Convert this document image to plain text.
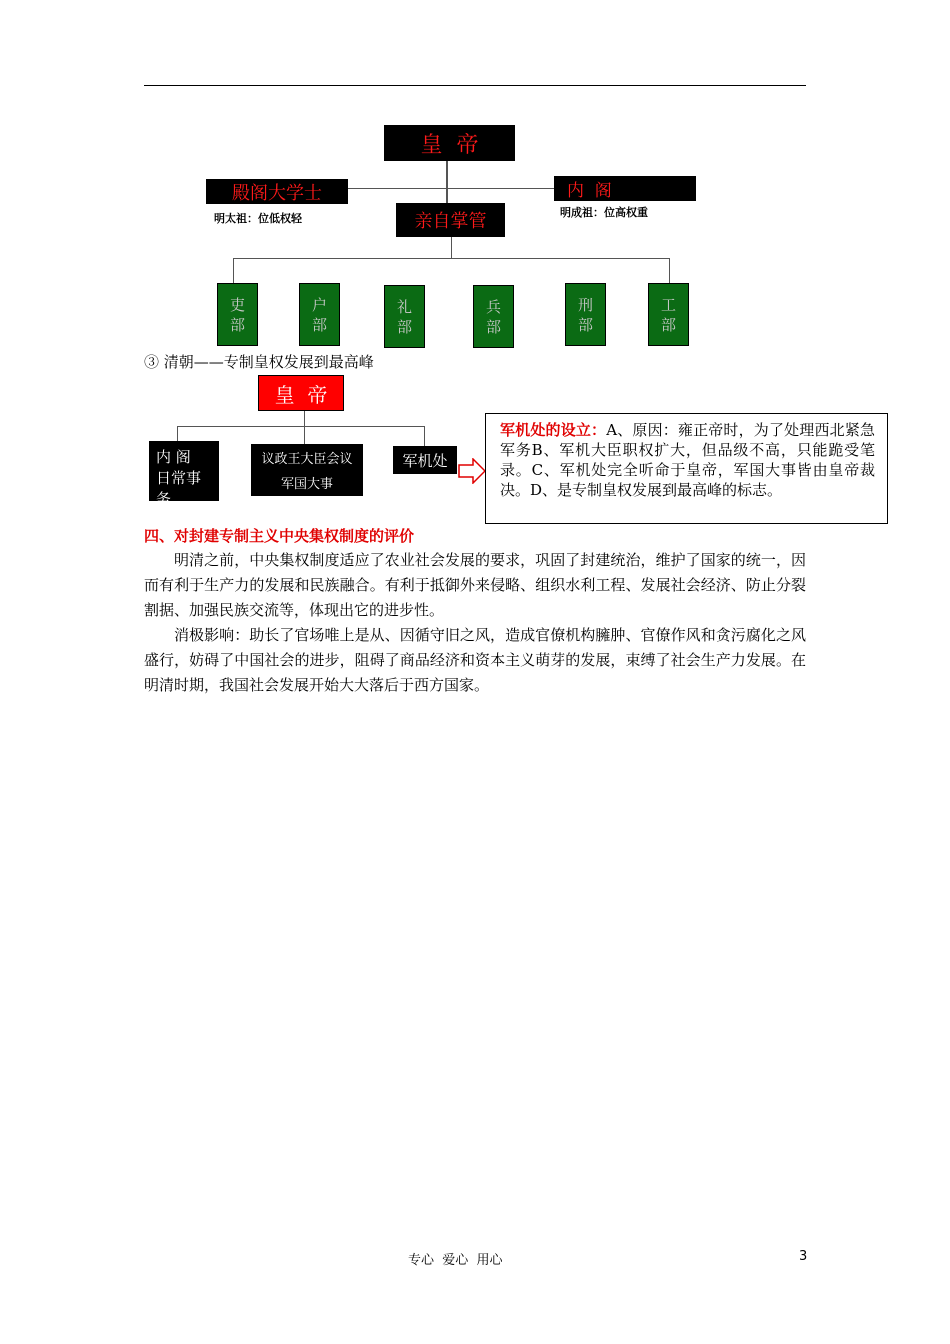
皇  帝
殿阁大学士
明太祖：位低权轻
内  阁
明成祖：位高权重
亲自掌管
吏
部
户
部
礼
部
兵
部
刑
部
工
部
③ 清朝——专制皇权发展到最高峰
皇  帝
内 阁
日常事务
议政王大臣会议
军国大事
军机处
军机处的设立：A、原因：雍正帝时，为了处理西北紧急军务B、军机大臣职权扩大，但品级不高，只能跪受笔录。C、军机处完全听命于皇帝，军国大事皆由皇帝裁决。D、是专制皇权发展到最高峰的标志。
四、对封建专制主义中央集权制度的评价
明清之前，中央集权制度适应了农业社会发展的要求，巩固了封建统治，维护了国家的统一，因而有利于生产力的发展和民族融合。有利于抵御外来侵略、组织水利工程、发展社会经济、防止分裂割据、加强民族交流等，体现出它的进步性。
消极影响：助长了官场唯上是从、因循守旧之风，造成官僚机构臃肿、官僚作风和贪污腐化之风盛行，妨碍了中国社会的进步，阻碍了商品经济和资本主义萌芽的发展，束缚了社会生产力发展。在明清时期，我国社会发展开始大大落后于西方国家。
专心  爱心  用心	3
